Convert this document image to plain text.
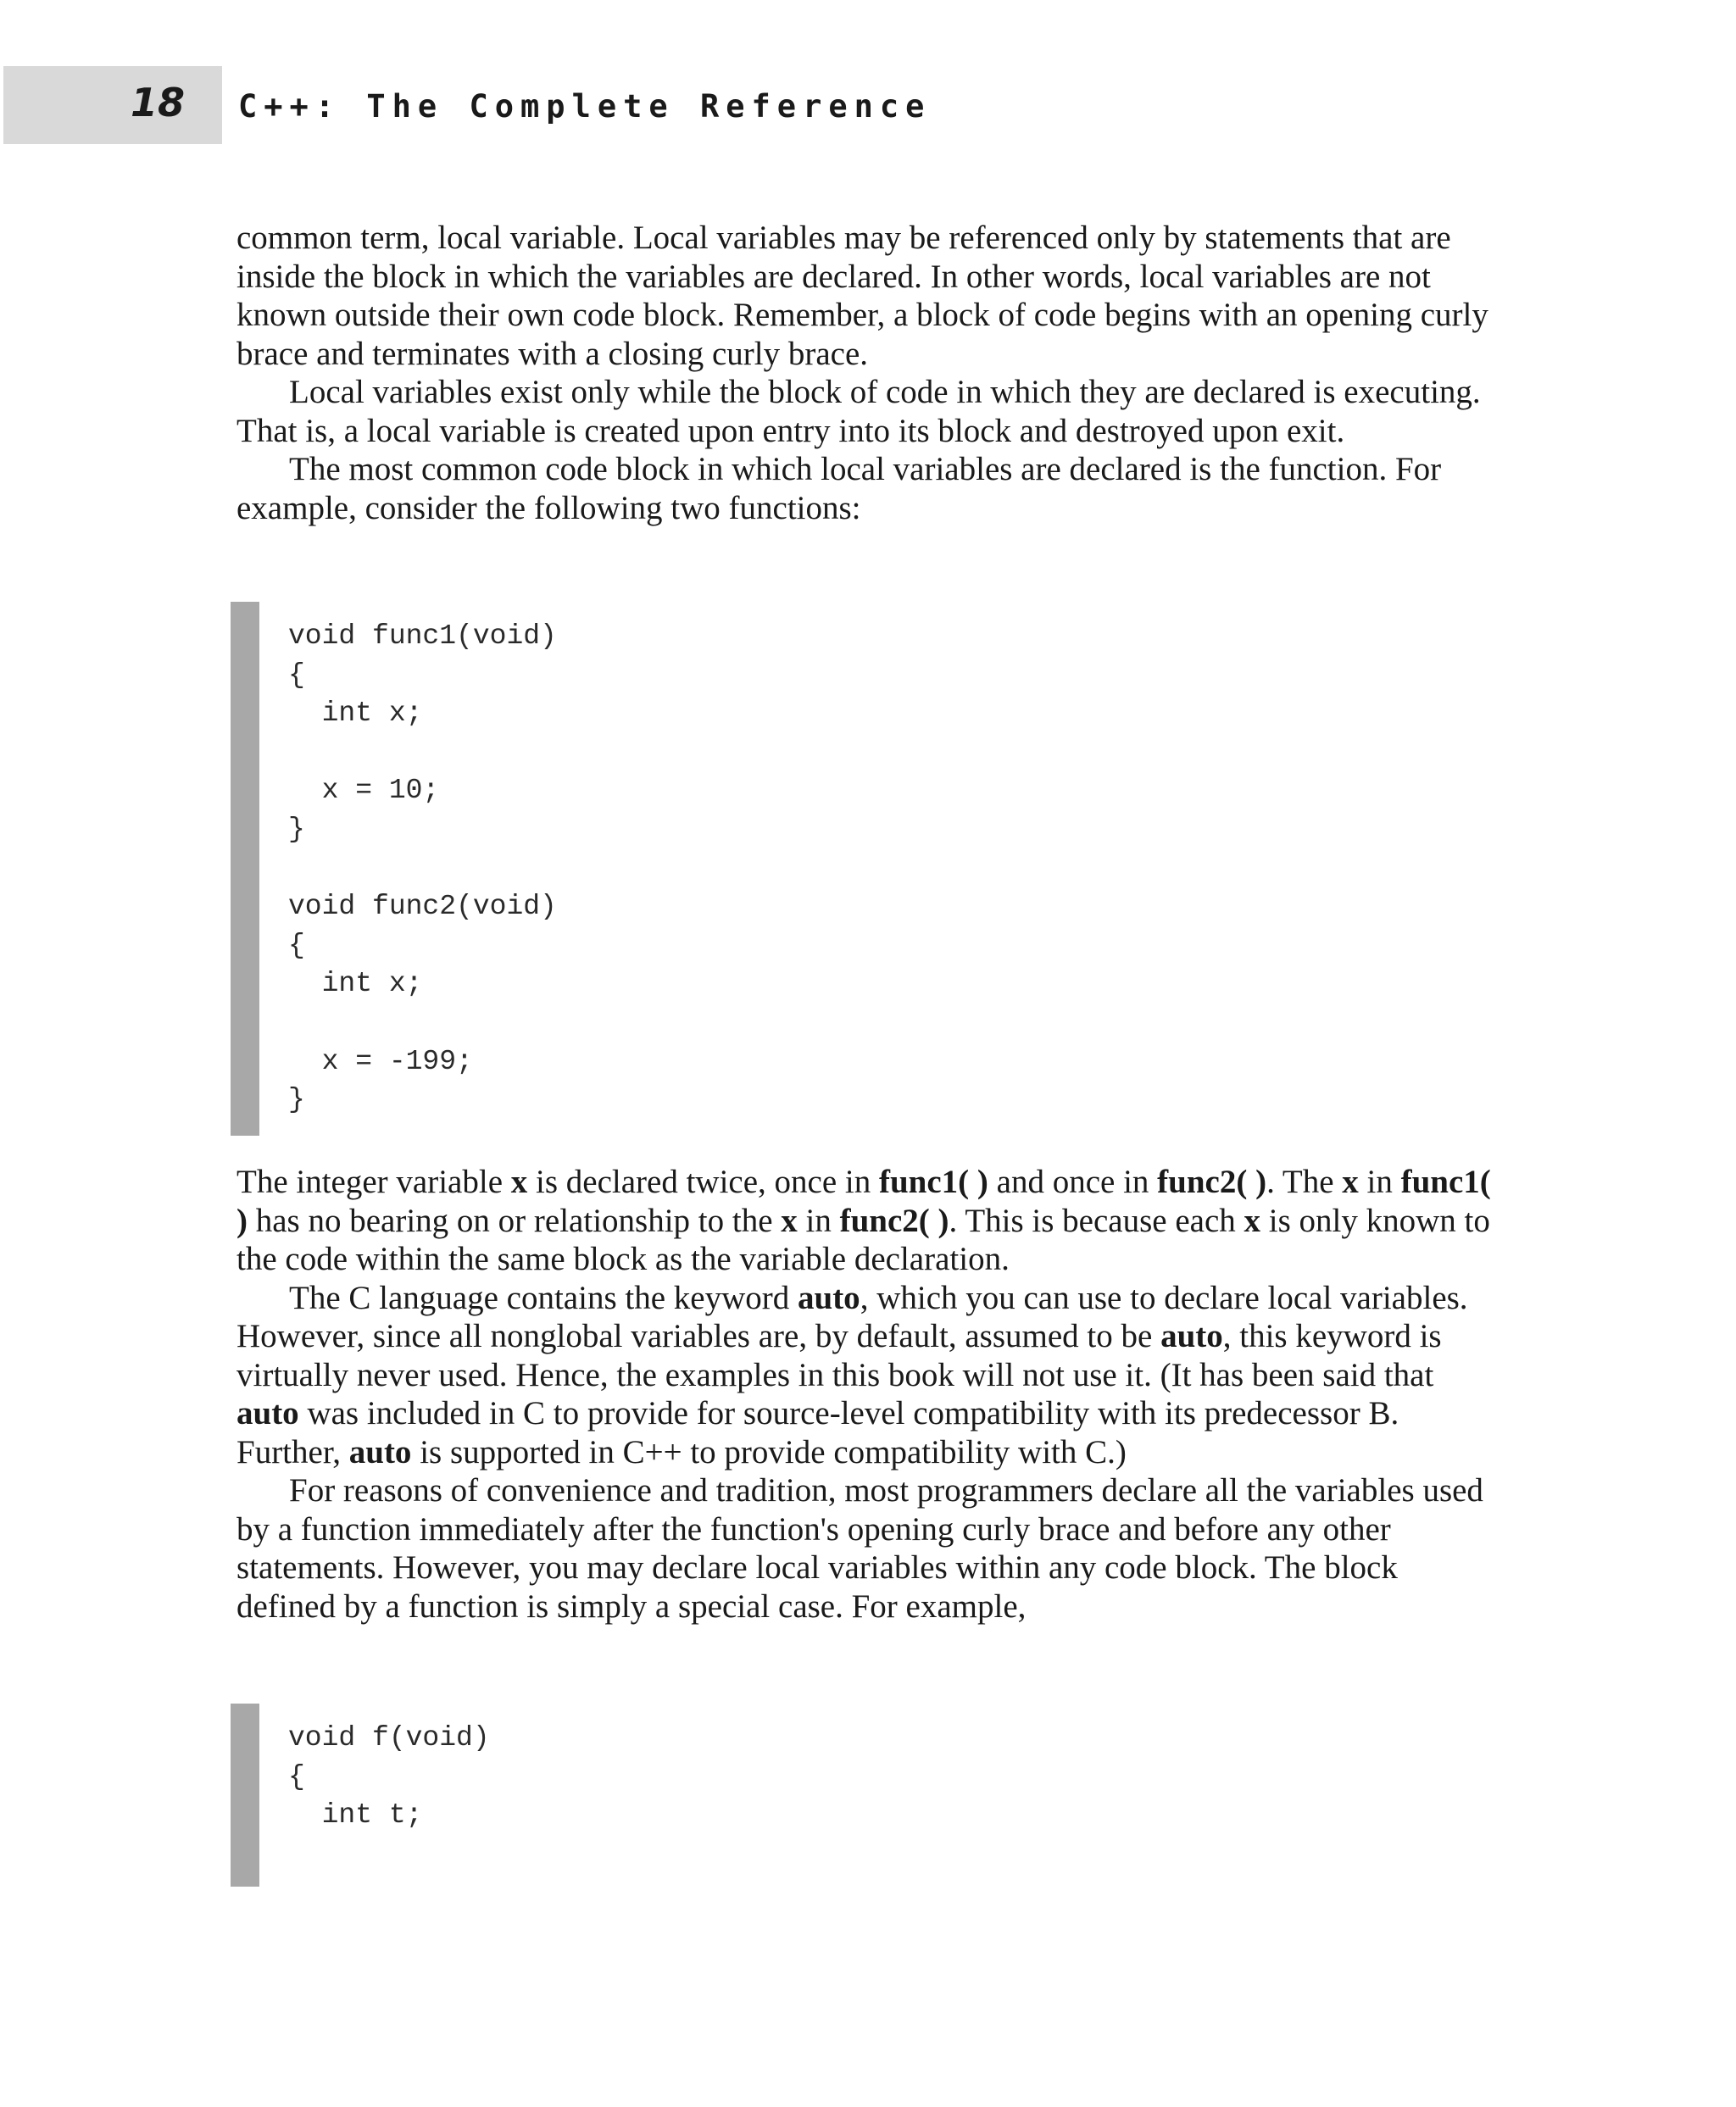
18 C++: The Complete Reference

common term, local variable. Local variables may be referenced only by statements that are inside the block in which the variables are declared. In other words, local variables are not known outside their own code block. Remember, a block of code begins with an opening curly brace and terminates with a closing curly brace.

Local variables exist only while the block of code in which they are declared is executing. That is, a local variable is created upon entry into its block and destroyed upon exit.

The most common code block in which local variables are declared is the function. For example, consider the following two functions:

void func1(void)
{
int x;

x = 10;
}

void func2(void)
{
int x;

x = -199;
}

The integer variable x is declared twice, once in func1( ) and once in func2( ). The x in func1( ) has no bearing on or relationship to the x in func2( ). This is because each x is only known to the code within the same block as the variable declaration.

The C language contains the keyword auto, which you can use to declare local variables. However, since all nonglobal variables are, by default, assumed to be auto, this keyword is virtually never used. Hence, the examples in this book will not use it. (It has been said that auto was included in C to provide for source-level compatibility with its predecessor B. Further, auto is supported in C++ to provide compatibility with C.)

For reasons of convenience and tradition, most programmers declare all the variables used by a function immediately after the function's opening curly brace and before any other statements. However, you may declare local variables within any code block. The block defined by a function is simply a special case. For example,

void f(void)
{
int t;
